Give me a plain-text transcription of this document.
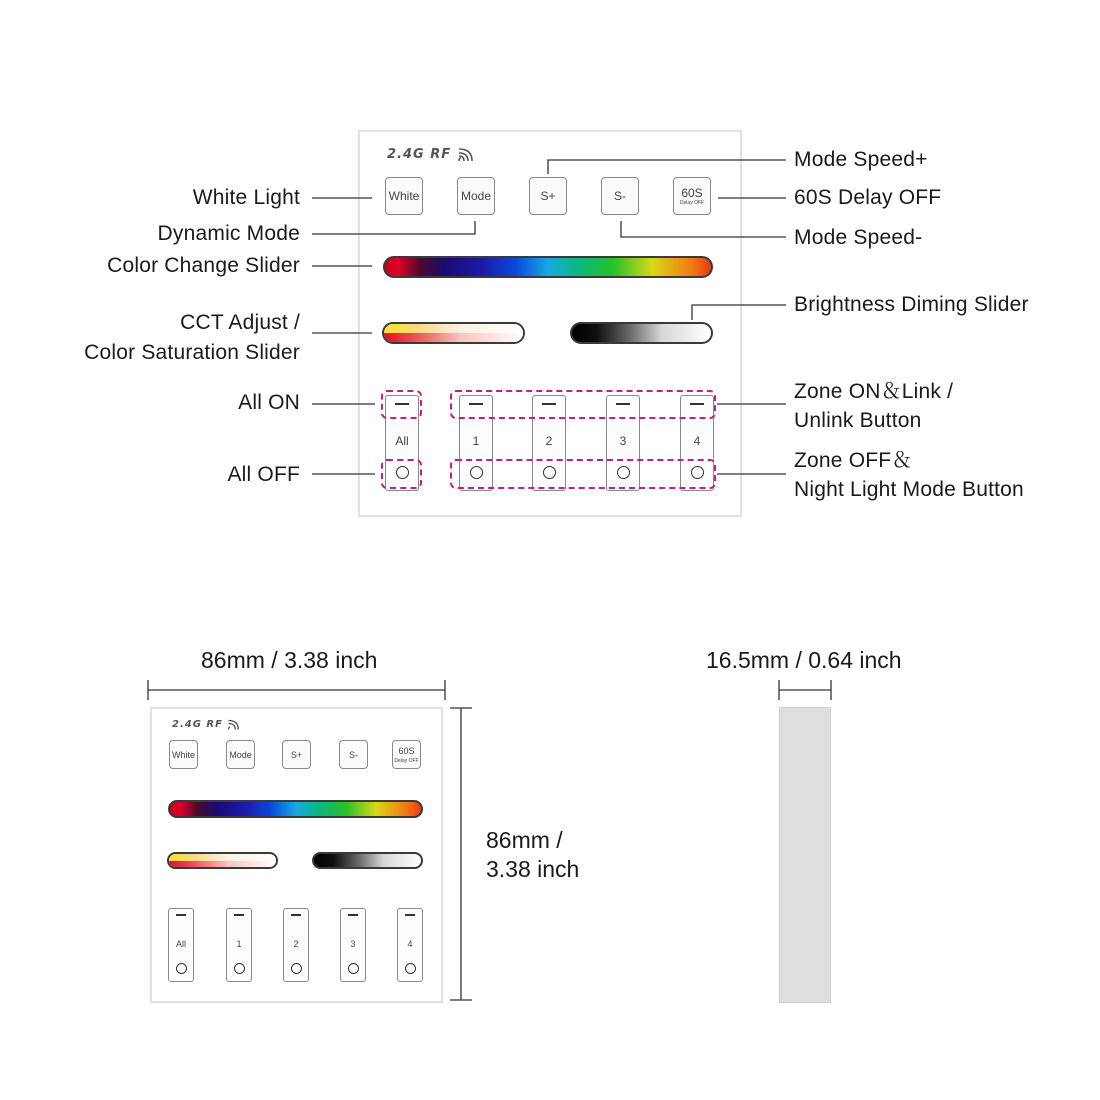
2.4G RF
White	Mode	S+	S-	60S
Delay OFF
All	1	2	3	4
White Light
Dynamic Mode
Color Change Slider
CCT Adjust /
Color Saturation Slider
All ON
All OFF
Mode Speed+
60S Delay OFF
Mode Speed-
Brightness Diming Slider
Zone ON＆Link /
Unlink Button
Zone OFF＆
Night Light Mode Button
86mm / 3.38 inch	16.5mm / 0.64 inch
86mm /
3.38 inch
2.4G RF
White	Mode	S+	S-	60S
Delay OFF
All	1	2	3	4
